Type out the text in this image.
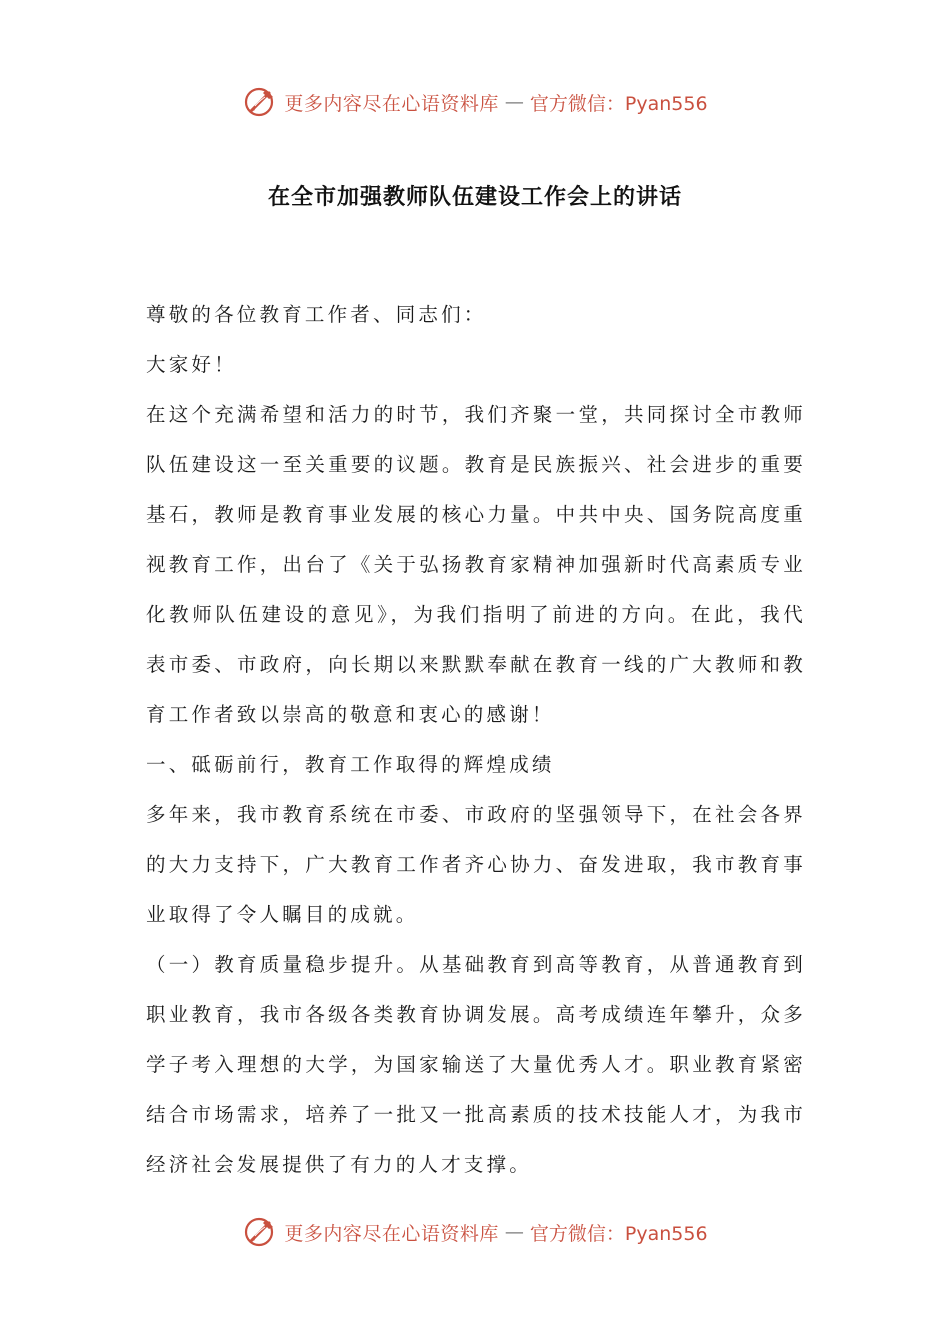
更多内容尽在心语资料库 — 官方微信：Pyan556
在全市加强教师队伍建设工作会上的讲话

尊敬的各位教育工作者、同志们：

大家好！

在这个充满希望和活力的时节，我们齐聚一堂，共同探讨全市教师队伍建设这一至关重要的议题。教育是民族振兴、社会进步的重要基石，教师是教育事业发展的核心力量。中共中央、国务院高度重视教育工作，出台了《关于弘扬教育家精神加强新时代高素质专业化教师队伍建设的意见》，为我们指明了前进的方向。在此，我代表市委、市政府，向长期以来默默奉献在教育一线的广大教师和教育工作者致以崇高的敬意和衷心的感谢！

一、砥砺前行，教育工作取得的辉煌成绩

多年来，我市教育系统在市委、市政府的坚强领导下，在社会各界的大力支持下，广大教育工作者齐心协力、奋发进取，我市教育事业取得了令人瞩目的成就。

（一）教育质量稳步提升。从基础教育到高等教育，从普通教育到职业教育，我市各级各类教育协调发展。高考成绩连年攀升，众多学子考入理想的大学，为国家输送了大量优秀人才。职业教育紧密结合市场需求，培养了一批又一批高素质的技术技能人才，为我市经济社会发展提供了有力的人才支撑。

更多内容尽在心语资料库 — 官方微信：Pyan556
